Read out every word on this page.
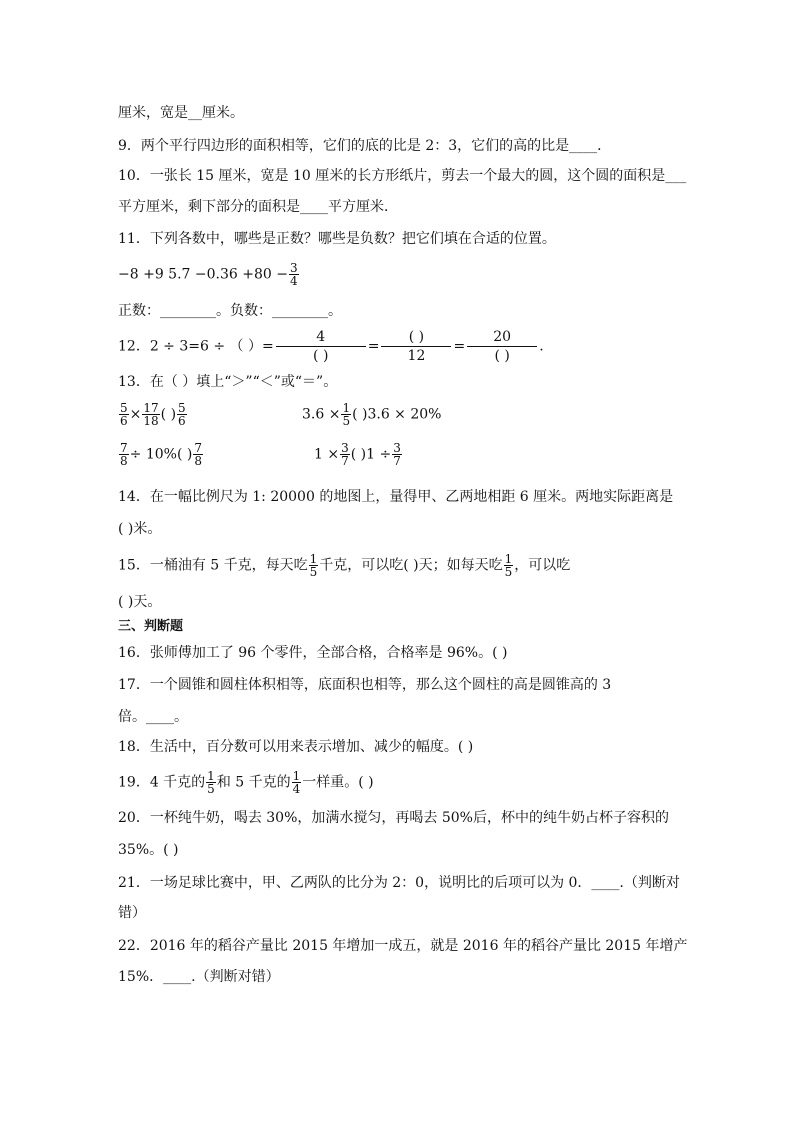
厘米，宽是__厘米。
9．两个平行四边形的面积相等，它们的底的比是 2：3，它们的高的比是____．
10．一张长 15 厘米，宽是 10 厘米的长方形纸片，剪去一个最大的圆，这个圆的面积是___
平方厘米，剩下部分的面积是____平方厘米．
11．下列各数中，哪些是正数？哪些是负数？把它们填在合适的位置。
−8 +9 $5.7 -0.36 +80 - \frac{3}{4}$
正数：________。负数：________。
12．2 ÷ 3=6 ÷ （ ）=
4
( )
=
( )
12
=
20
( )
.
13．在（ ）填上“＞”“＜”或“＝”。
$\frac{5}{6} \times \frac{17}{18}$ ( ) $\frac{5}{6}$	$3.6 \times \frac{1}{5}$ ( )3.6 × 20%
$\frac{7}{8} \div 10\%$( ) $\frac{7}{8}$	$1 \times \frac{3}{7}$ ( )$1 \div \frac{3}{7}$
14．在一幅比例尺为 1: 20000 的地图上，量得甲、乙两地相距 6 厘米。两地实际距离是
( )米。
15．一桶油有 5 千克，每天吃 $\frac{1}{5}$ 千克，可以吃( )天；如每天吃 $\frac{1}{5}$ ，可以吃
( )天。
三、判断题
16．张师傅加工了 96 个零件，全部合格，合格率是 96%。( )
17．一个圆锥和圆柱体积相等，底面积也相等，那么这个圆柱的高是圆锥高的 3
倍。____。
18．生活中，百分数可以用来表示增加、减少的幅度。( )
19．4 千克的 $\frac{1}{5}$ 和 5 千克的 $\frac{1}{4}$ 一样重。( )
20．一杯纯牛奶，喝去 30%，加满水搅匀，再喝去 50%后，杯中的纯牛奶占杯子容积的
35%。( )
21．一场足球比赛中，甲、乙两队的比分为 2：0，说明比的后项可以为 0．____.（判断对
错）
22．2016 年的稻谷产量比 2015 年增加一成五，就是 2016 年的稻谷产量比 2015 年增产
15%．____.（判断对错）
